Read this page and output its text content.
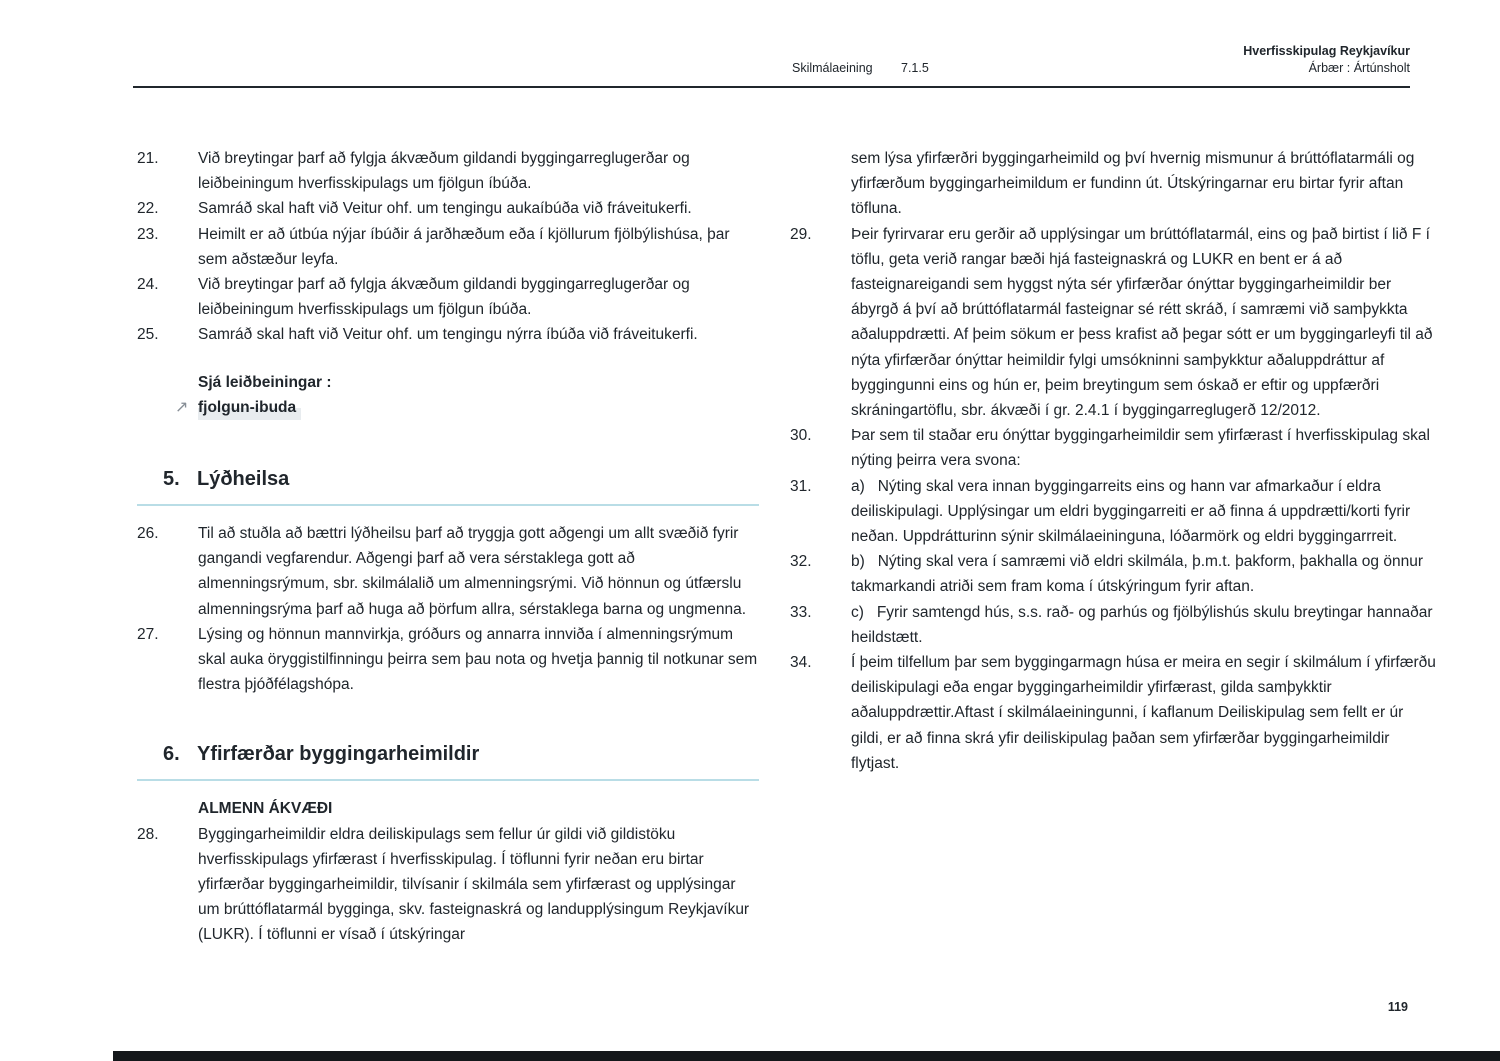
Skilmálaeining 7.1.5
Hverfisskipulag Reykjavíkur
Árbær : Ártúnsholt
21.	Við breytingar þarf að fylgja ákvæðum gildandi byggingarreglugerðar og leiðbeiningum hverfisskipulags um fjölgun íbúða.
22.	Samráð skal haft við Veitur ohf. um tengingu aukaíbúða við fráveitukerfi.
23.	Heimilt er að útbúa nýjar íbúðir á jarðhæðum eða í kjöllurum fjölbýlishúsa, þar sem aðstæður leyfa.
24.	Við breytingar þarf að fylgja ákvæðum gildandi byggingarreglugerðar og leiðbeiningum hverfisskipulags um fjölgun íbúða.
25.	Samráð skal haft við Veitur ohf. um tengingu nýrra íbúða við fráveitukerfi.
Sjá leiðbeiningar :
↗ fjolgun-ibuda
5. Lýðheilsa
26.	Til að stuðla að bættri lýðheilsu þarf að tryggja gott aðgengi um allt svæðið fyrir gangandi vegfarendur. Aðgengi þarf að vera sérstaklega gott að almenningsrýmum, sbr. skilmálalið um almenningsrými. Við hönnun og útfærslu almenningsrýma þarf að huga að þörfum allra, sérstaklega barna og ungmenna.
27.	Lýsing og hönnun mannvirkja, gróðurs og annarra innviða í almenningsrýmum skal auka öryggistilfinningu þeirra sem þau nota og hvetja þannig til notkunar sem flestra þjóðfélagshópa.
6. Yfirfærðar byggingarheimildir
ALMENN ÁKVÆÐI
28.	Byggingarheimildir eldra deiliskipulags sem fellur úr gildi við gildistöku hverfisskipulags yfirfærast í hverfisskipulag. Í töflunni fyrir neðan eru birtar yfirfærðar byggingarheimildir, tilvísanir í skilmála sem yfirfærast og upplýsingar um brúttóflatarmál bygginga, skv. fasteignaskrá og landupplýsingum Reykjavíkur (LUKR). Í töflunni er vísað í útskýringar
sem lýsa yfirfærðri byggingarheimild og því hvernig mismunur á brúttóflatarmáli og yfirfærðum byggingarheimildum er fundinn út. Útskýringarnar eru birtar fyrir aftan töfluna.
29.	Þeir fyrirvarar eru gerðir að upplýsingar um brúttóflatarmál, eins og það birtist í lið F í töflu, geta verið rangar bæði hjá fasteignaskrá og LUKR en bent er á að fasteignareigandi sem hyggst nýta sér yfirfærðar ónýttar byggingarheimildir ber ábyrgð á því að brúttóflatarmál fasteignar sé rétt skráð, í samræmi við samþykkta aðaluppdrætti. Af þeim sökum er þess krafist að þegar sótt er um byggingarleyfi til að nýta yfirfærðar ónýttar heimildir fylgi umsókninni samþykktur aðaluppdráttur af byggingunni eins og hún er, þeim breytingum sem óskað er eftir og uppfærðri skráningartöflu, sbr. ákvæði í gr. 2.4.1 í byggingarreglugerð 12/2012.
30.	Þar sem til staðar eru ónýttar byggingarheimildir sem yfirfærast í hverfisskipulag skal nýting þeirra vera svona:
31.	a)   Nýting skal vera innan byggingarreits eins og hann var afmarkaður í eldra deiliskipulagi. Upplýsingar um eldri byggingarreiti er að finna á uppdrætti/korti fyrir neðan. Uppdrátturinn sýnir skilmálaeininguna, lóðarmörk og eldri byggingarrreit.
32.	b)   Nýting skal vera í samræmi við eldri skilmála, þ.m.t. þakform, þakhalla og önnur takmarkandi atriði sem fram koma í útskýringum fyrir aftan.
33.	c)   Fyrir samtengd hús, s.s. rað- og parhús og fjölbýlishús skulu breytingar hannaðar heildstætt.
34.	Í þeim tilfellum þar sem byggingarmagn húsa er meira en segir í skilmálum í yfirfærðu deiliskipulagi eða engar byggingarheimildir yfirfærast, gilda samþykktir aðaluppdrættir.Aftast í skilmálaeiningunni, í kaflanum Deiliskipulag sem fellt er úr gildi, er að finna skrá yfir deiliskipulag þaðan sem yfirfærðar byggingarheimildir flytjast.
119
